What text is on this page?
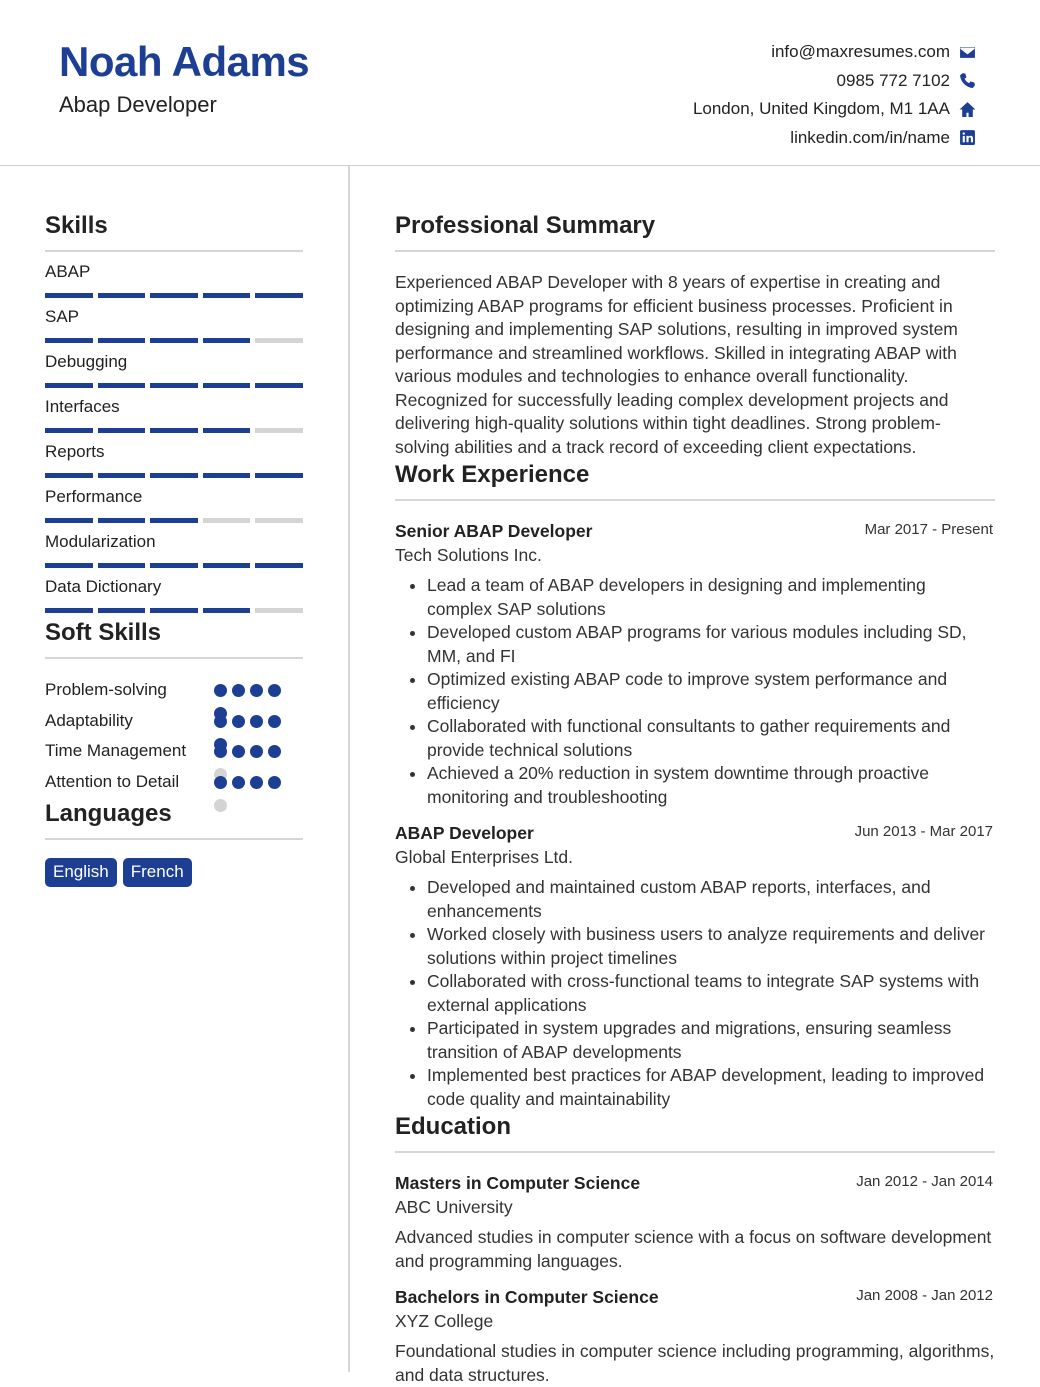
Noah Adams
Abap Developer
info@maxresumes.com
0985 772 7102
London, United Kingdom, M1 1AA
linkedin.com/in/name
Skills
ABAP
SAP
Debugging
Interfaces
Reports
Performance
Modularization
Data Dictionary
Soft Skills
Problem-solving
Adaptability
Time Management
Attention to Detail
Languages
English	French
Professional Summary
Experienced ABAP Developer with 8 years of expertise in creating and optimizing ABAP programs for efficient business processes. Proficient in designing and implementing SAP solutions, resulting in improved system performance and streamlined workflows. Skilled in integrating ABAP with various modules and technologies to enhance overall functionality. Recognized for successfully leading complex development projects and delivering high-quality solutions within tight deadlines. Strong problem-solving abilities and a track record of exceeding client expectations.
Work Experience
Senior ABAP Developer	Mar 2017 - Present
Tech Solutions Inc.
• Lead a team of ABAP developers in designing and implementing complex SAP solutions
• Developed custom ABAP programs for various modules including SD, MM, and FI
• Optimized existing ABAP code to improve system performance and efficiency
• Collaborated with functional consultants to gather requirements and provide technical solutions
• Achieved a 20% reduction in system downtime through proactive monitoring and troubleshooting
ABAP Developer	Jun 2013 - Mar 2017
Global Enterprises Ltd.
• Developed and maintained custom ABAP reports, interfaces, and enhancements
• Worked closely with business users to analyze requirements and deliver solutions within project timelines
• Collaborated with cross-functional teams to integrate SAP systems with external applications
• Participated in system upgrades and migrations, ensuring seamless transition of ABAP developments
• Implemented best practices for ABAP development, leading to improved code quality and maintainability
Education
Masters in Computer Science	Jan 2012 - Jan 2014
ABC University
Advanced studies in computer science with a focus on software development and programming languages.
Bachelors in Computer Science	Jan 2008 - Jan 2012
XYZ College
Foundational studies in computer science including programming, algorithms, and data structures.
